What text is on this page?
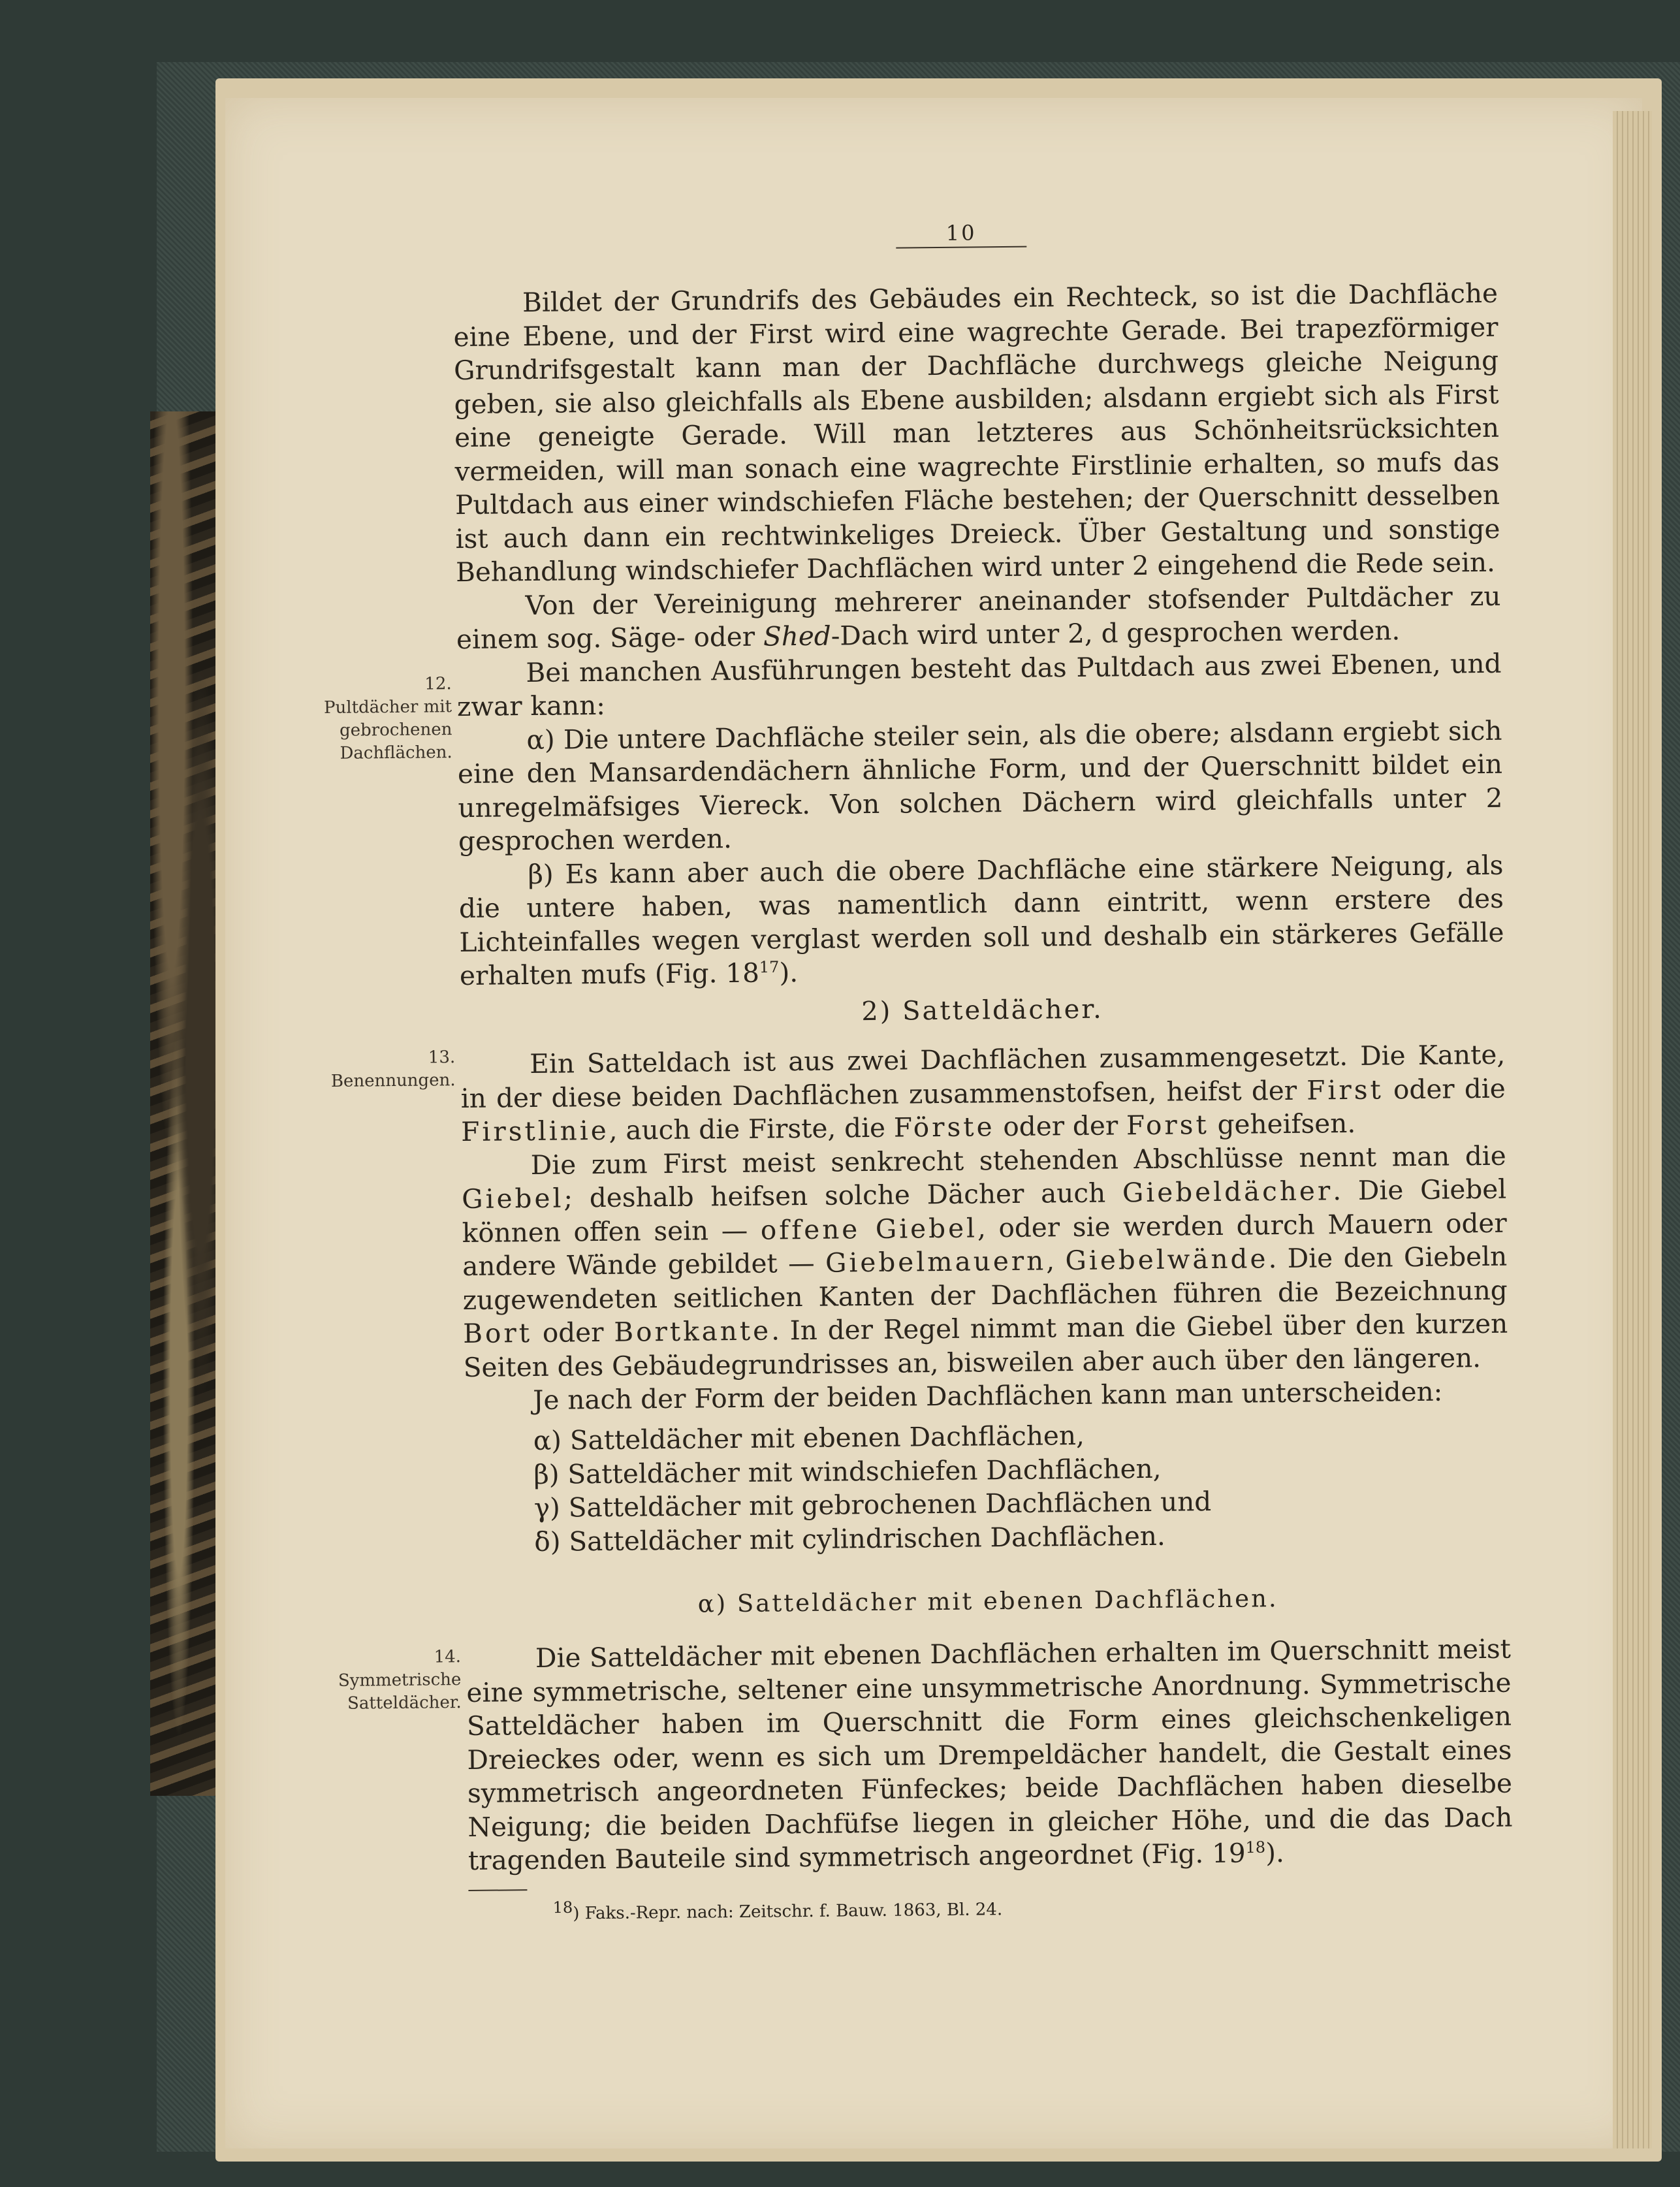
10
12.
Pultdächer mit
gebrochenen
Dachflächen.
13.
Benennungen.
14.
Symmetrische
Satteldächer.

Bildet der Grundrifs des Gebäudes ein Rechteck, so ist die Dachfläche eine Ebene, und der First wird eine wagrechte Gerade. Bei trapezförmiger Grundrifsgestalt kann man der Dachfläche durchwegs gleiche Neigung geben, sie also gleichfalls als Ebene ausbilden; alsdann ergiebt sich als First eine geneigte Gerade. Will man letzteres aus Schönheitsrücksichten vermeiden, will man sonach eine wagrechte Firstlinie erhalten, so mufs das Pultdach aus einer windschiefen Fläche bestehen; der Querschnitt desselben ist auch dann ein rechtwinkeliges Dreieck. Über Gestaltung und sonstige Behandlung windschiefer Dachflächen wird unter 2 eingehend die Rede sein.

Von der Vereinigung mehrerer aneinander stofsender Pultdächer zu einem sog. Säge- oder Shed-Dach wird unter 2, d gesprochen werden.

Bei manchen Ausführungen besteht das Pultdach aus zwei Ebenen, und zwar kann:

α) Die untere Dachfläche steiler sein, als die obere; alsdann ergiebt sich eine den Mansardendächern ähnliche Form, und der Querschnitt bildet ein unregelmäfsiges Viereck. Von solchen Dächern wird gleichfalls unter 2 gesprochen werden.

β) Es kann aber auch die obere Dachfläche eine stärkere Neigung, als die untere haben, was namentlich dann eintritt, wenn erstere des Lichteinfalles wegen verglast werden soll und deshalb ein stärkeres Gefälle erhalten mufs (Fig. $18^{17}$).

2) Satteldächer.

Ein Satteldach ist aus zwei Dachflächen zusammengesetzt. Die Kante, in der diese beiden Dachflächen zusammenstofsen, heifst der First oder die Firstlinie, auch die Firste, die Förste oder der Forst geheifsen.

Die zum First meist senkrecht stehenden Abschlüsse nennt man die Giebel; deshalb heifsen solche Dächer auch Giebeldächer. Die Giebel können offen sein — offene Giebel, oder sie werden durch Mauern oder andere Wände gebildet — Giebelmauern, Giebelwände. Die den Giebeln zugewendeten seitlichen Kanten der Dachflächen führen die Bezeichnung Bort oder Bortkante. In der Regel nimmt man die Giebel über den kurzen Seiten des Gebäudegrundrisses an, bisweilen aber auch über den längeren.

Je nach der Form der beiden Dachflächen kann man unterscheiden:

α) Satteldächer mit ebenen Dachflächen,
β) Satteldächer mit windschiefen Dachflächen,
γ) Satteldächer mit gebrochenen Dachflächen und
δ) Satteldächer mit cylindrischen Dachflächen.
α) Satteldächer mit ebenen Dachflächen.

Die Satteldächer mit ebenen Dachflächen erhalten im Querschnitt meist eine symmetrische, seltener eine unsymmetrische Anordnung. Symmetrische Satteldächer haben im Querschnitt die Form eines gleichschenkeligen Dreieckes oder, wenn es sich um Drempeldächer handelt, die Gestalt eines symmetrisch angeordneten Fünfeckes; beide Dachflächen haben dieselbe Neigung; die beiden Dachfüfse liegen in gleicher Höhe, und die das Dach tragenden Bauteile sind symmetrisch angeordnet (Fig. $19^{18}$).

$^{18}$) Faks.-Repr. nach: Zeitschr. f. Bauw. 1863, Bl. 24.
